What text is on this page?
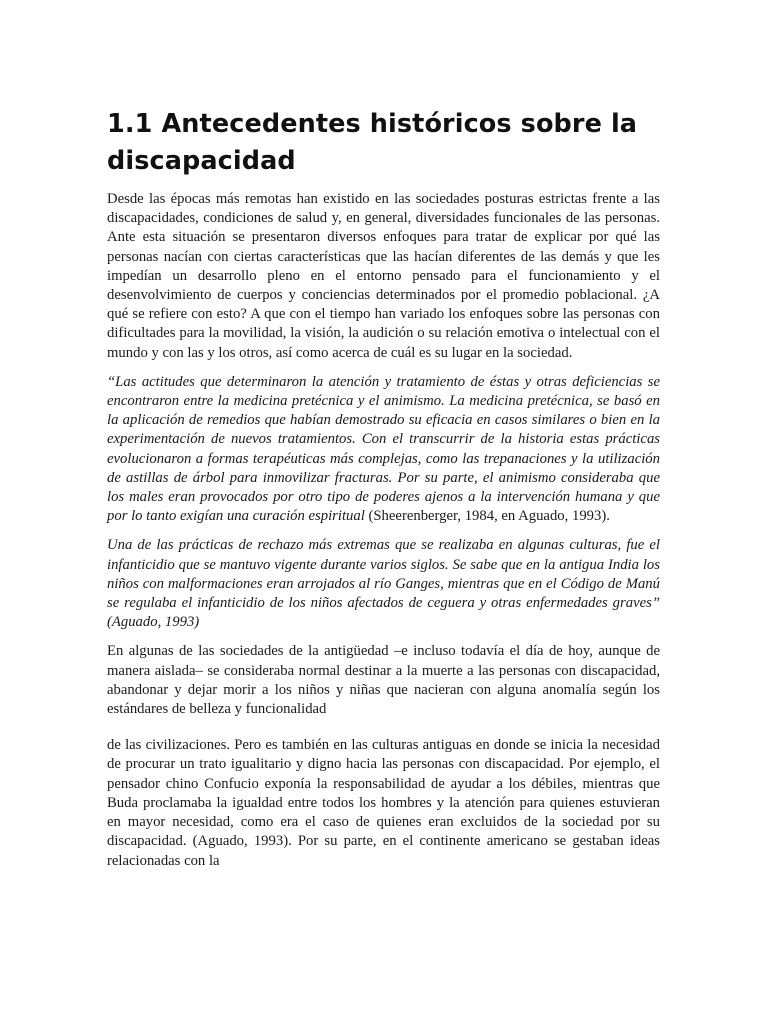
1.1 Antecedentes históricos sobre la discapacidad

Desde las épocas más remotas han existido en las sociedades posturas estrictas frente a las discapacidades, condiciones de salud y, en general, diversidades funcionales de las personas. Ante esta situación se presentaron diversos enfoques para tratar de explicar por qué las personas nacían con ciertas características que las hacían diferentes de las demás y que les impedían un desarrollo pleno en el entorno pensado para el funcionamiento y el desenvolvimiento de cuerpos y conciencias determinados por el promedio poblacional. ¿A qué se refiere con esto? A que con el tiempo han variado los enfoques sobre las personas con dificultades para la movilidad, la visión, la audición o su relación emotiva o intelectual con el mundo y con las y los otros, así como acerca de cuál es su lugar en la sociedad.

“Las actitudes que determinaron la atención y tratamiento de éstas y otras deficiencias se encontraron entre la medicina pretécnica y el animismo. La medicina pretécnica, se basó en la aplicación de remedios que habían demostrado su eficacia en casos similares o bien en la experimentación de nuevos tratamientos. Con el transcurrir de la historia estas prácticas evolucionaron a formas terapéuticas más complejas, como las trepanaciones y la utilización de astillas de árbol para inmovilizar fracturas. Por su parte, el animismo consideraba que los males eran provocados por otro tipo de poderes ajenos a la intervención humana y que por lo tanto exigían una curación espiritual (Sheerenberger, 1984, en Aguado, 1993).

Una de las prácticas de rechazo más extremas que se realizaba en algunas culturas, fue el infanticidio que se mantuvo vigente durante varios siglos. Se sabe que en la antigua India los niños con malformaciones eran arrojados al río Ganges, mientras que en el Código de Manú se regulaba el infanticidio de los niños afectados de ceguera y otras enfermedades graves” (Aguado, 1993)

En algunas de las sociedades de la antigüedad –e incluso todavía el día de hoy, aunque de manera aislada– se consideraba normal destinar a la muerte a las personas con discapacidad, abandonar y dejar morir a los niños y niñas que nacieran con alguna anomalía según los estándares de belleza y funcionalidad

de las civilizaciones. Pero es también en las culturas antiguas en donde se inicia la necesidad de procurar un trato igualitario y digno hacia las personas con discapacidad. Por ejemplo, el pensador chino Confucio exponía la responsabilidad de ayudar a los débiles, mientras que Buda proclamaba la igualdad entre todos los hombres y la atención para quienes estuvieran en mayor necesidad, como era el caso de quienes eran excluidos de la sociedad por su discapacidad. (Aguado, 1993). Por su parte, en el continente americano se gestaban ideas relacionadas con la
